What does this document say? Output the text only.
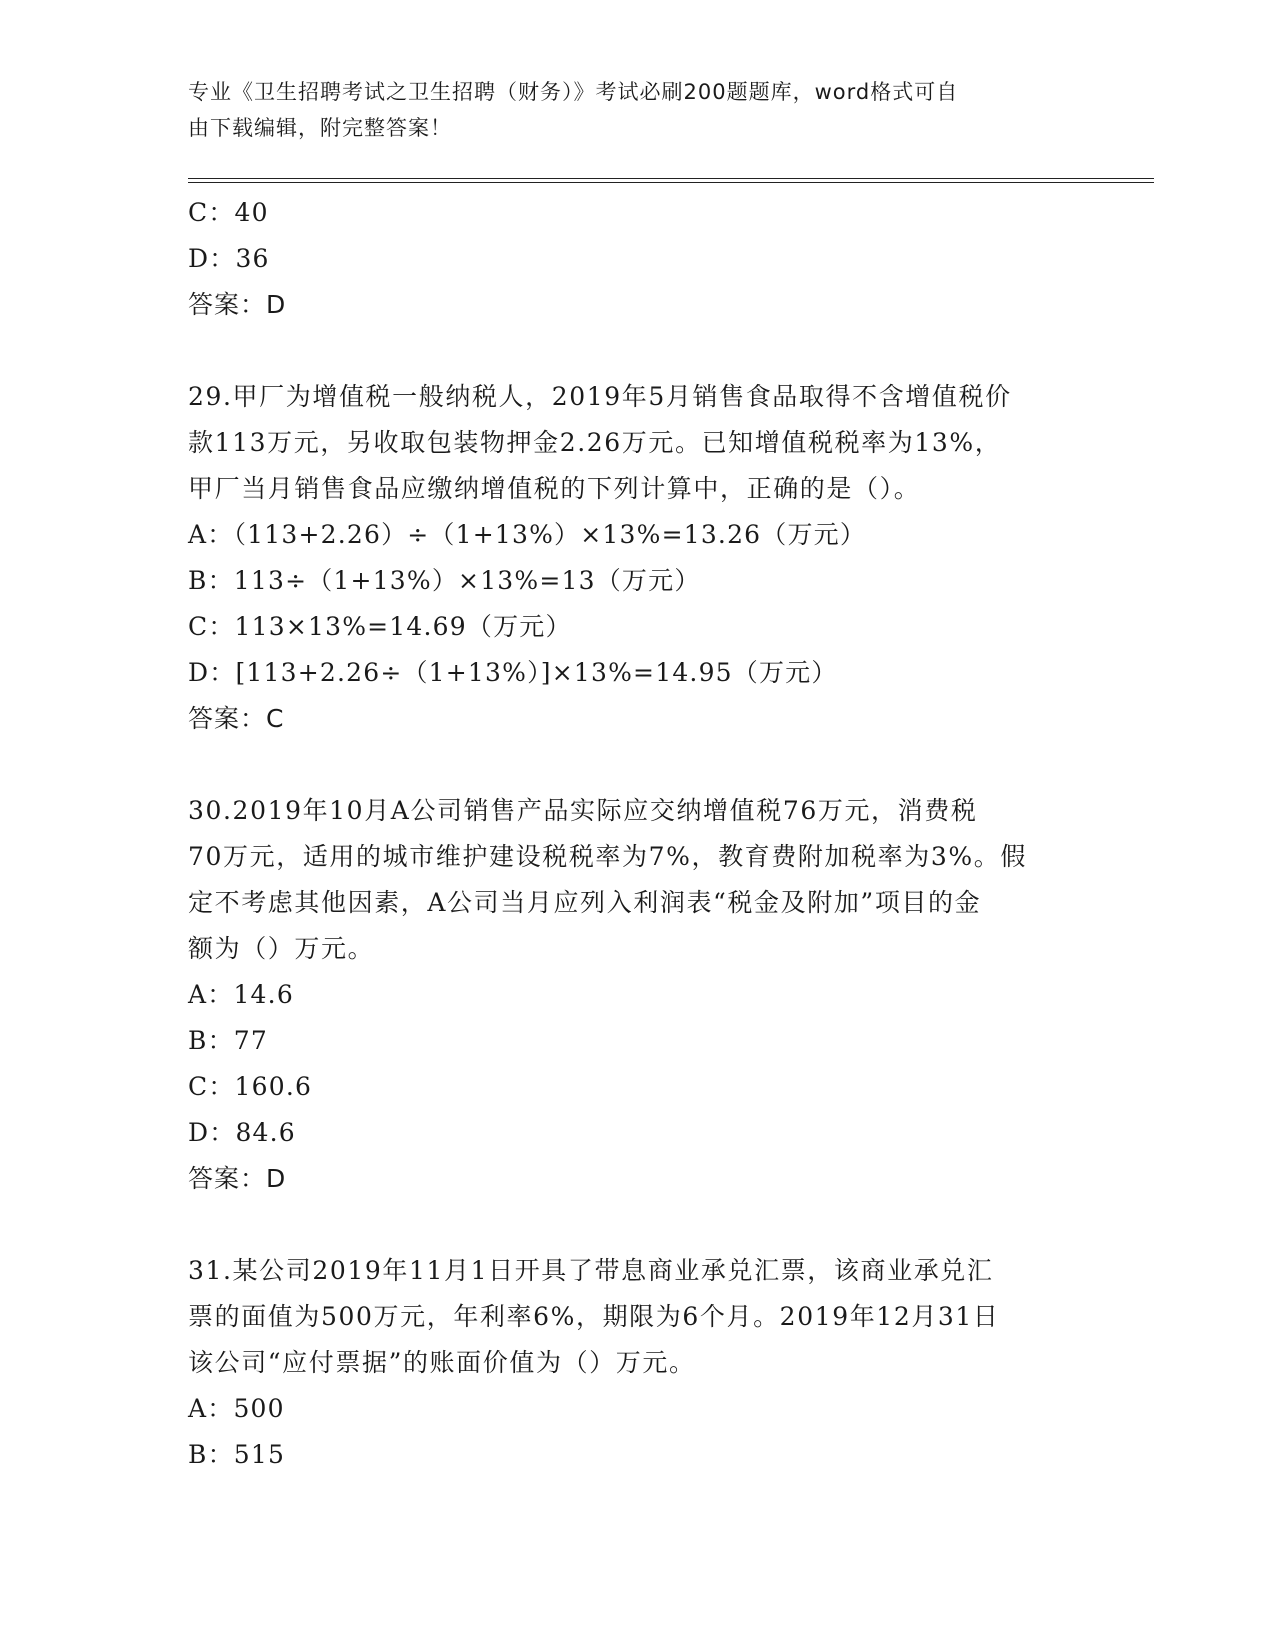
专业《卫生招聘考试之卫生招聘（财务）》考试必刷200题题库，word格式可自
由下载编辑，附完整答案！
C：40
D：36
答案：D
29.甲厂为增值税一般纳税人，2019年5月销售食品取得不含增值税价
款113万元，另收取包装物押金2.26万元。已知增值税税率为13%，
甲厂当月销售食品应缴纳增值税的下列计算中，正确的是（）。
A：（113+2.26）÷（1+13%）×13%=13.26（万元）
B：113÷（1+13%）×13%=13（万元）
C：113×13%=14.69（万元）
D：[113+2.26÷（1+13%）]×13%=14.95（万元）
答案：C
30.2019年10月A公司销售产品实际应交纳增值税76万元，消费税
70万元，适用的城市维护建设税税率为7%，教育费附加税率为3%。假
定不考虑其他因素，A公司当月应列入利润表“税金及附加”项目的金
额为（）万元。
A：14.6
B：77
C：160.6
D：84.6
答案：D
31.某公司2019年11月1日开具了带息商业承兑汇票，该商业承兑汇
票的面值为500万元，年利率6%，期限为6个月。2019年12月31日
该公司“应付票据”的账面价值为（）万元。
A：500
B：515
